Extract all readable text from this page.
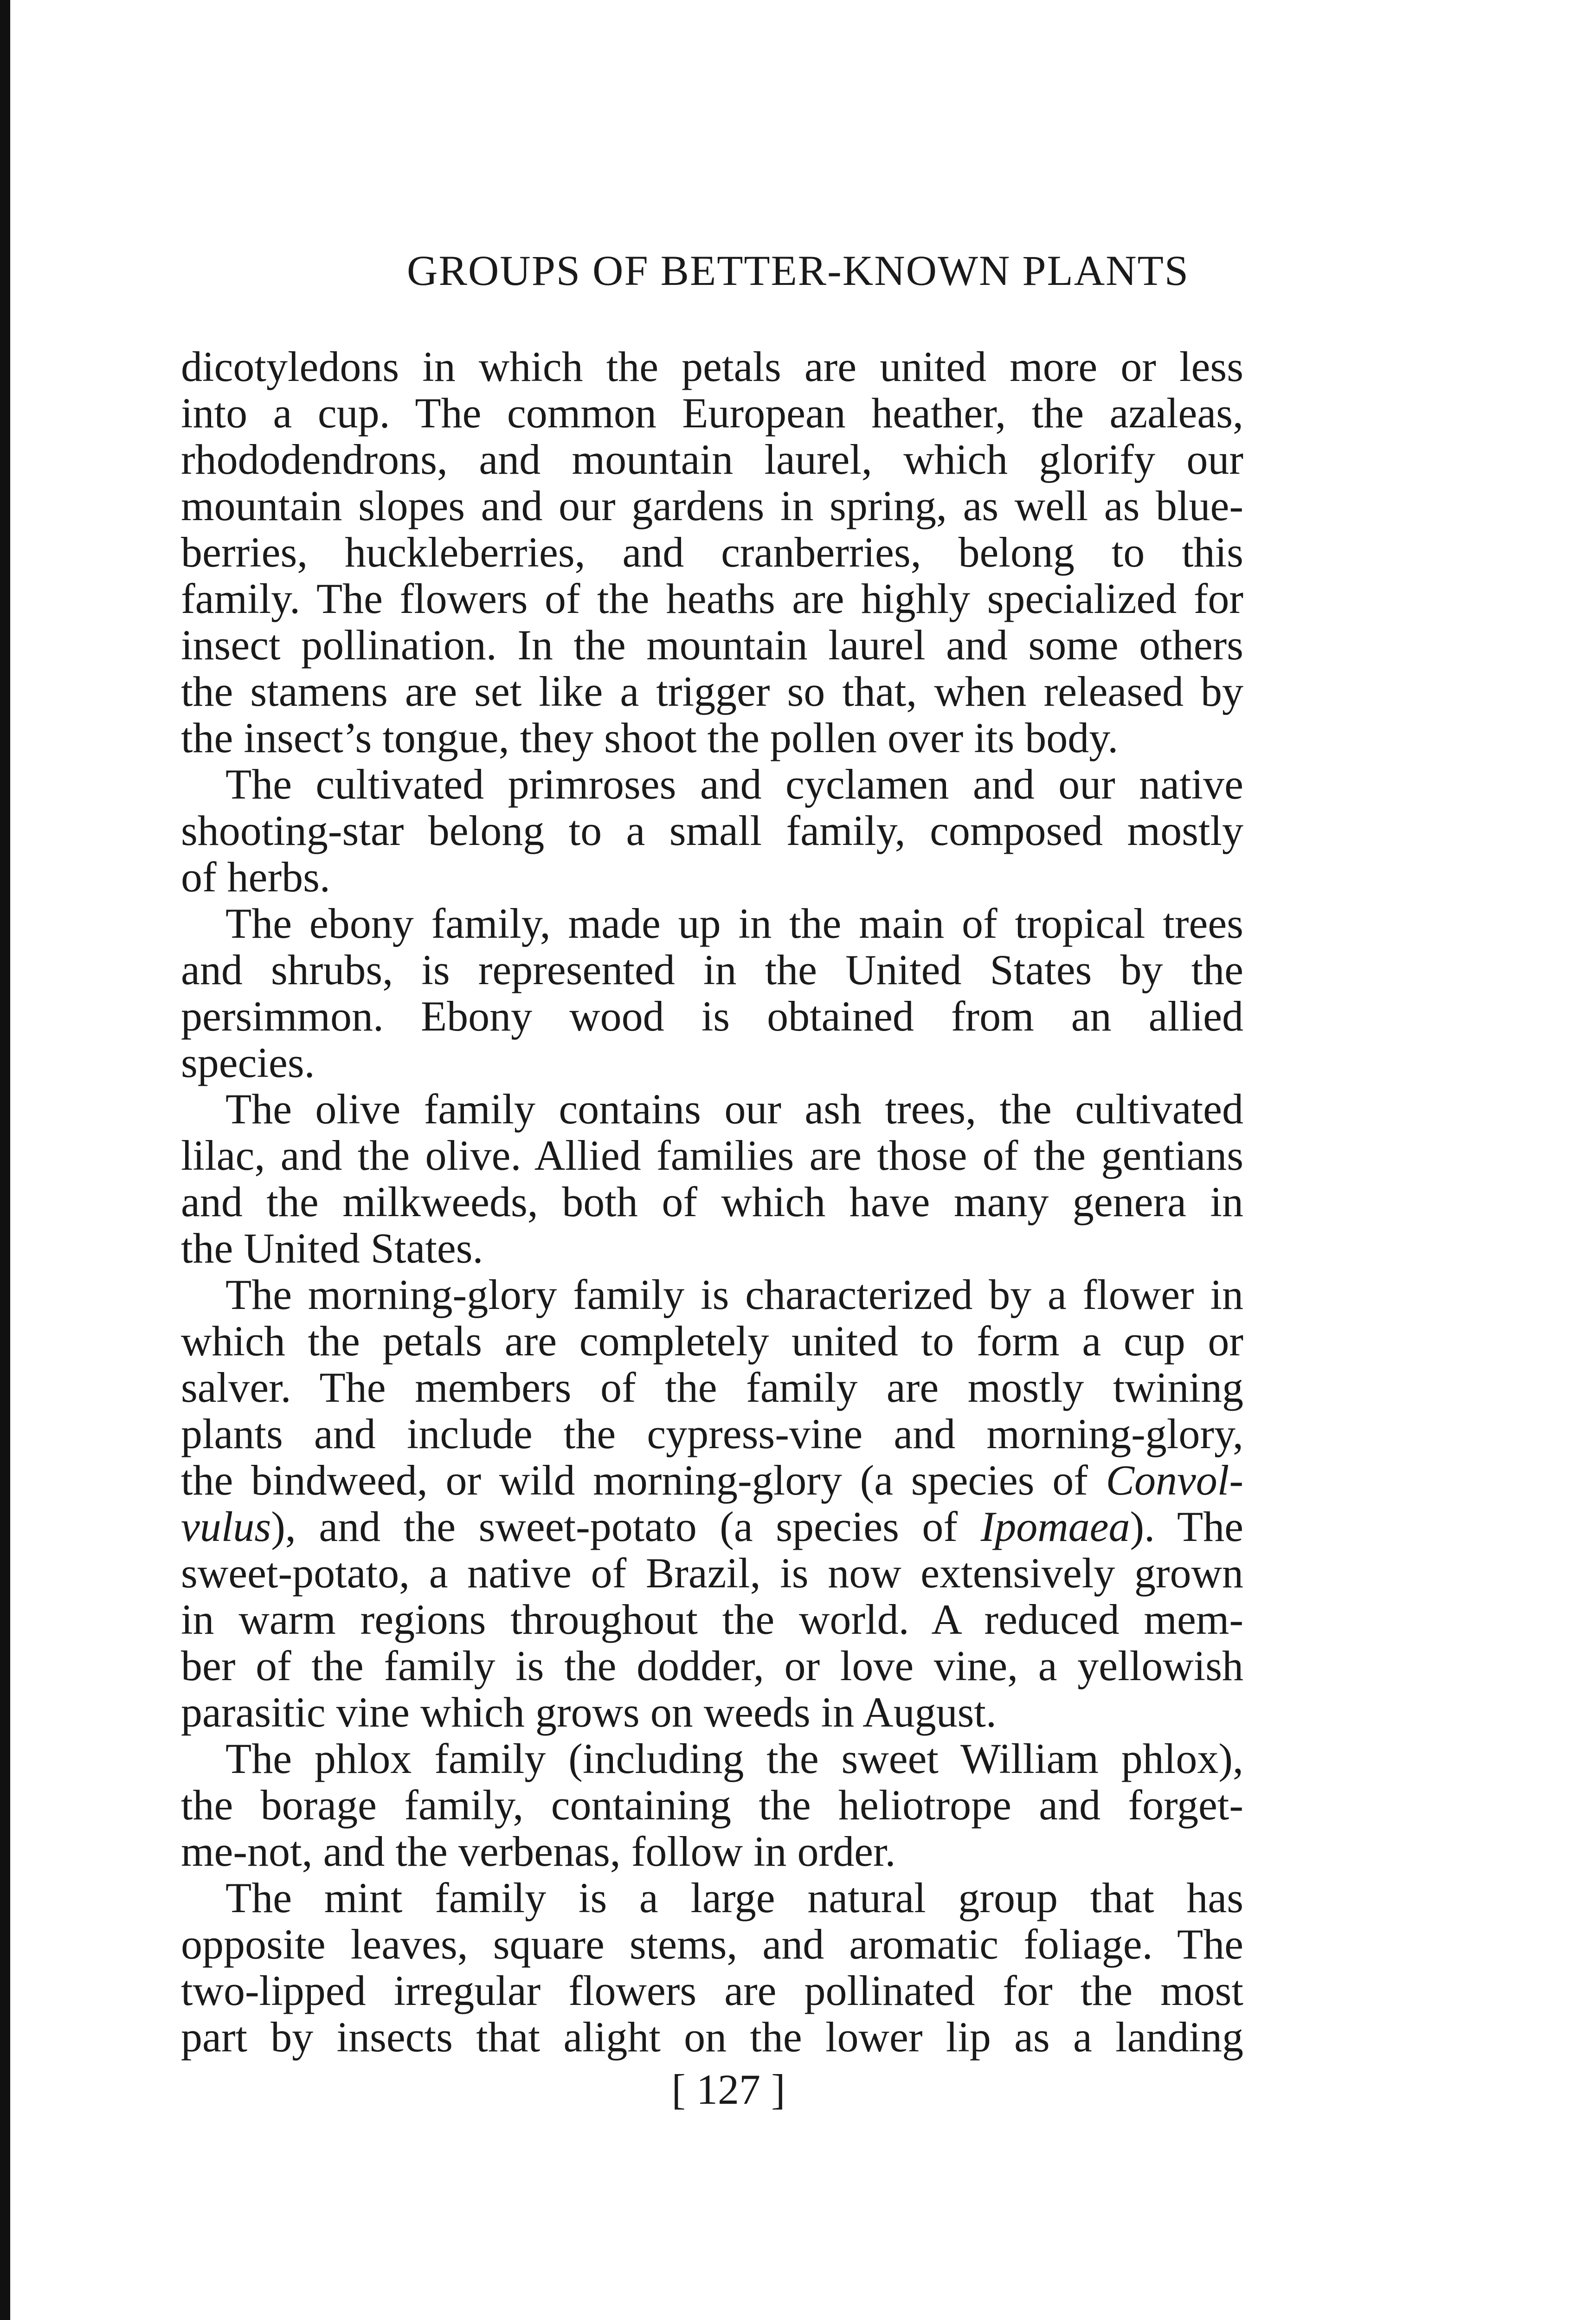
GROUPS OF BETTER-KNOWN PLANTS
dicotyledons in which the petals are united more or less
into a cup. The common European heather, the azaleas,
rhododendrons, and mountain laurel, which glorify our
mountain slopes and our gardens in spring, as well as blue-
berries, huckleberries, and cranberries, belong to this
family. The flowers of the heaths are highly specialized for
insect pollination. In the mountain laurel and some others
the stamens are set like a trigger so that, when released by
the insect’s tongue, they shoot the pollen over its body.
The cultivated primroses and cyclamen and our native
shooting-star belong to a small family, composed mostly
of herbs.
The ebony family, made up in the main of tropical trees
and shrubs, is represented in the United States by the
persimmon. Ebony wood is obtained from an allied
species.
The olive family contains our ash trees, the cultivated
lilac, and the olive. Allied families are those of the gentians
and the milkweeds, both of which have many genera in
the United States.
The morning-glory family is characterized by a flower in
which the petals are completely united to form a cup or
salver. The members of the family are mostly twining
plants and include the cypress-vine and morning-glory,
the bindweed, or wild morning-glory (a species of Convol-
vulus), and the sweet-potato (a species of Ipomaea). The
sweet-potato, a native of Brazil, is now extensively grown
in warm regions throughout the world. A reduced mem-
ber of the family is the dodder, or love vine, a yellowish
parasitic vine which grows on weeds in August.
The phlox family (including the sweet William phlox),
the borage family, containing the heliotrope and forget-
me-not, and the verbenas, follow in order.
The mint family is a large natural group that has
opposite leaves, square stems, and aromatic foliage. The
two-lipped irregular flowers are pollinated for the most
part by insects that alight on the lower lip as a landing
[ 127 ]
